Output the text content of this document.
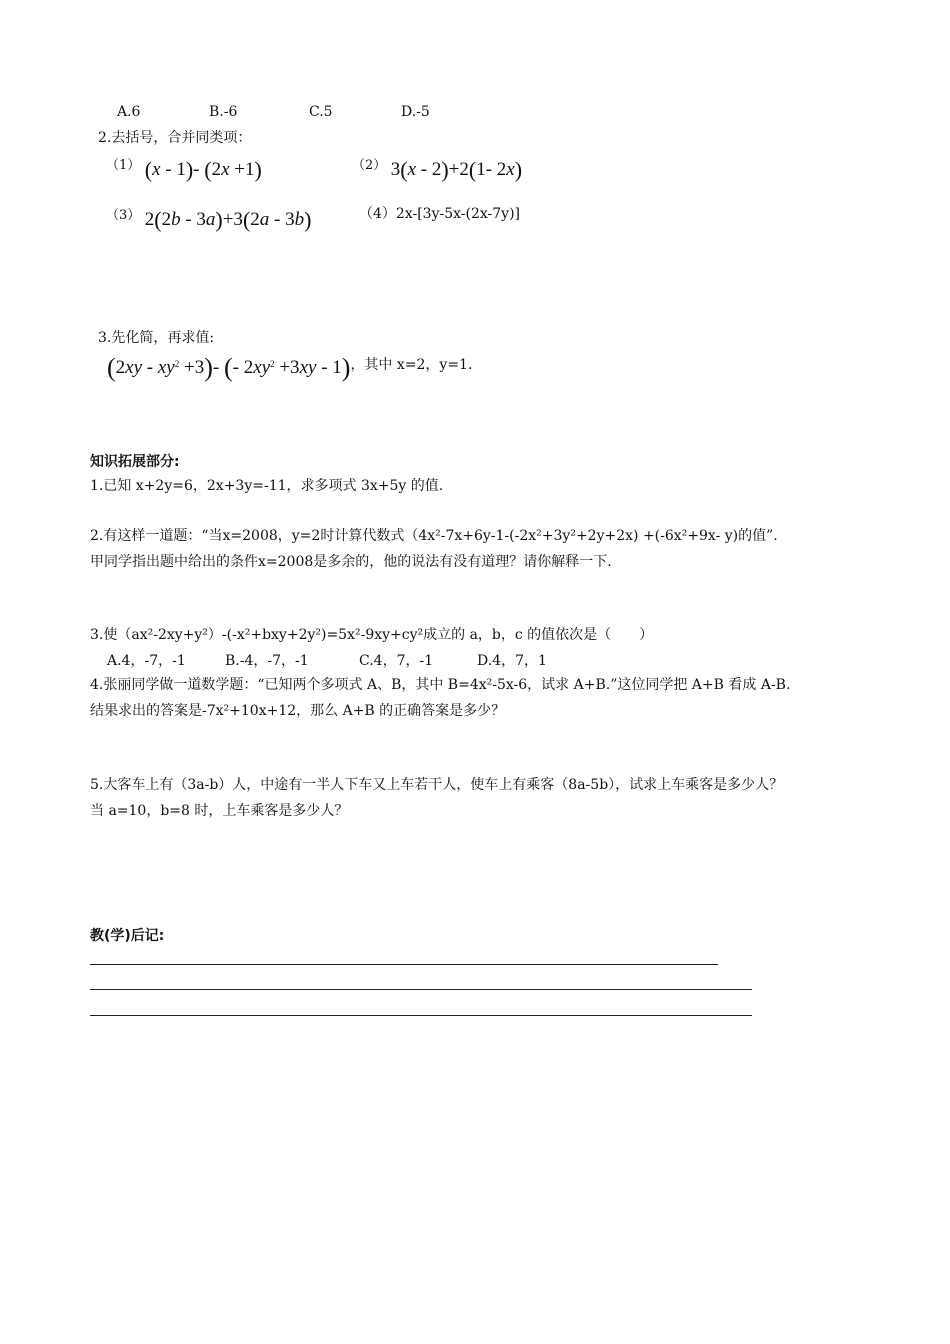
A.6	B.-6	C.5	D.-5
2.去括号，合并同类项：
（1） (x - 1)- (2x +1)	（2） 3(x - 2)+2(1- 2x)
（3） 2(2b - 3a)+3(2a - 3b)	（4）2x-[3y-5x-(2x-7y)]
3.先化简，再求值:
$(2xy - xy^2 +3)-$ (- $2xy^2 +3xy - 1$)，其中 x=2，y=1.
知识拓展部分:
1.已知 x+2y=6，2x+3y=-11，求多项式 3x+5y 的值.
2.有这样一道题：“当x=2008，y=2时计算代数式（4x²-7x+6y-1-(-2x²+3y²+2y+2x) +(-6x²+9x- y)的值”.
甲同学指出题中给出的条件x=2008是多余的，他的说法有没有道理？请你解释一下.
3.使（ax²-2xy+y²）-(-x²+bxy+2y²)=5x²-9xy+cy²成立的 a，b，c 的值依次是（　　）
A.4，-7，-1	B.-4，-7，-1	C.4，7，-1	D.4，7，1
4.张丽同学做一道数学题：“已知两个多项式 A、B，其中 B=4x²-5x-6，试求 A+B.”这位同学把 A+B 看成 A-B.
结果求出的答案是-7x²+10x+12，那么 A+B 的正确答案是多少？
5.大客车上有（3a-b）人，中途有一半人下车又上车若干人，使车上有乘客（8a-5b），试求上车乘客是多少人？
当 a=10，b=8 时，上车乘客是多少人？
教(学)后记:
